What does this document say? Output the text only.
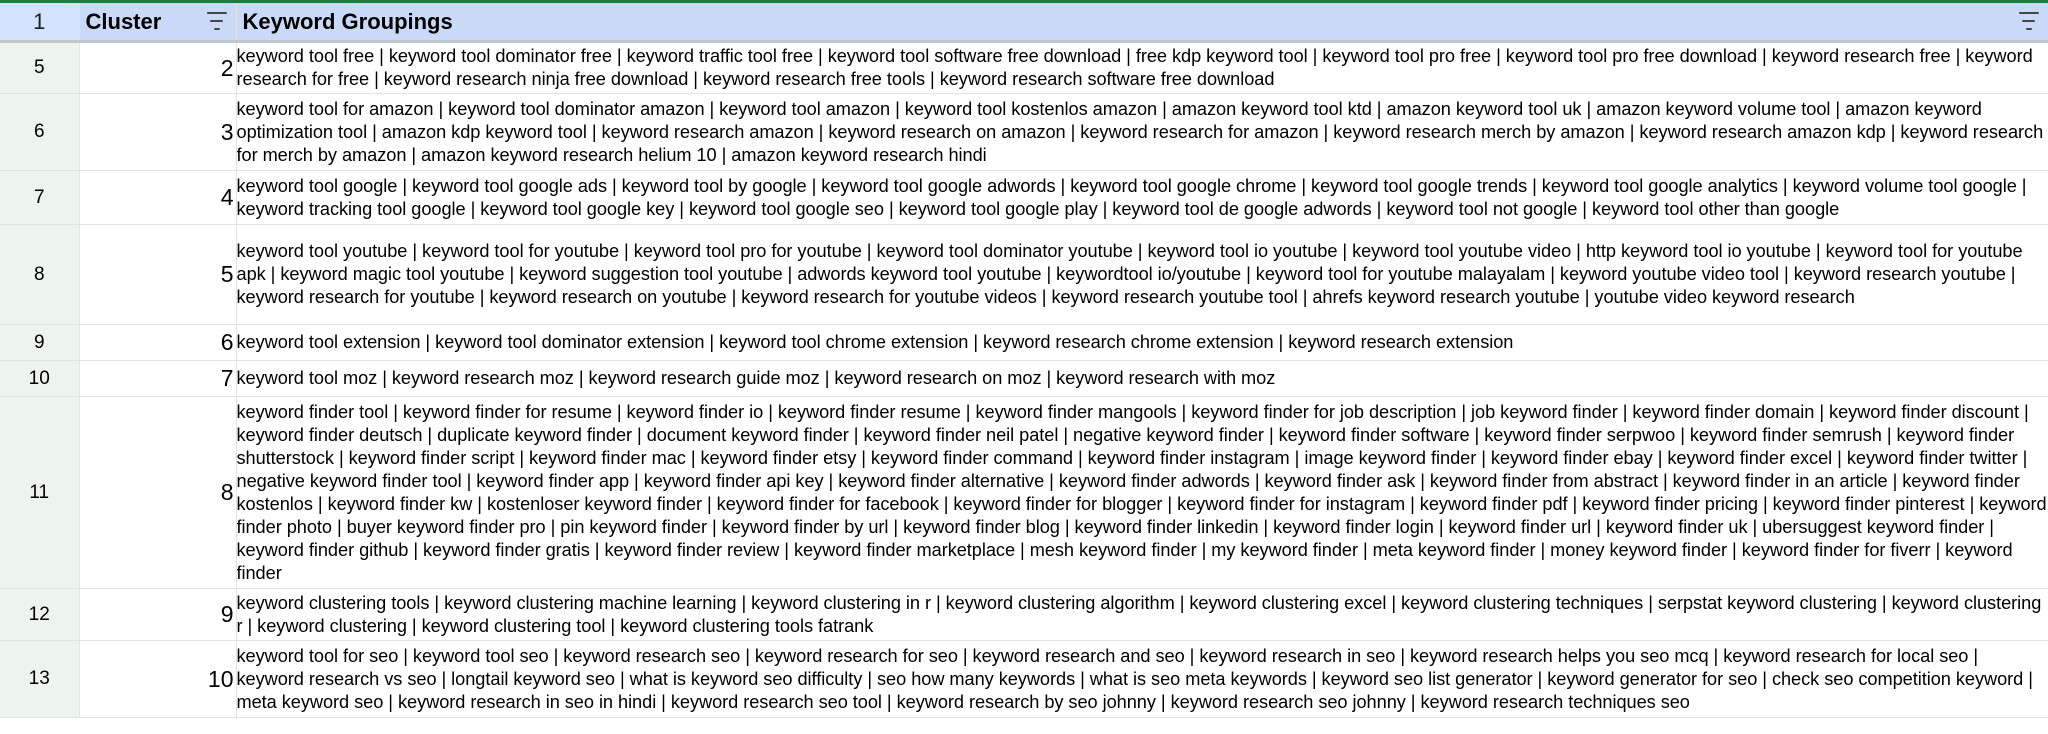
1	Cluster	Keyword Groupings

5	2	keyword tool free | keyword tool dominator free | keyword traffic tool free | keyword tool software free download | free kdp keyword tool | keyword tool pro free | keyword tool pro free download | keyword research free | keyword research for free | keyword research ninja free download | keyword research free tools | keyword research software free download
6	3	keyword tool for amazon | keyword tool dominator amazon | keyword tool amazon | keyword tool kostenlos amazon | amazon keyword tool ktd | amazon keyword tool uk | amazon keyword volume tool | amazon keyword optimization tool | amazon kdp keyword tool | keyword research amazon | keyword research on amazon | keyword research for amazon | keyword research merch by amazon | keyword research amazon kdp | keyword research for merch by amazon | amazon keyword research helium 10 | amazon keyword research hindi
7	4	keyword tool google | keyword tool google ads | keyword tool by google | keyword tool google adwords | keyword tool google chrome | keyword tool google trends | keyword tool google analytics | keyword volume tool google | keyword tracking tool google | keyword tool google key | keyword tool google seo | keyword tool google play | keyword tool de google adwords | keyword tool not google | keyword tool other than google
8	5	keyword tool youtube | keyword tool for youtube | keyword tool pro for youtube | keyword tool dominator youtube | keyword tool io youtube | keyword tool youtube video | http keyword tool io youtube | keyword tool for youtube apk | keyword magic tool youtube | keyword suggestion tool youtube | adwords keyword tool youtube | keywordtool io/youtube | keyword tool for youtube malayalam | keyword youtube video tool | keyword research youtube | keyword research for youtube | keyword research on youtube | keyword research for youtube videos | keyword research youtube tool | ahrefs keyword research youtube | youtube video keyword research
9	6	keyword tool extension | keyword tool dominator extension | keyword tool chrome extension | keyword research chrome extension | keyword research extension
10	7	keyword tool moz | keyword research moz | keyword research guide moz | keyword research on moz | keyword research with moz
11	8	keyword finder tool | keyword finder for resume | keyword finder io | keyword finder resume | keyword finder mangools | keyword finder for job description | job keyword finder | keyword finder domain | keyword finder discount | keyword finder deutsch | duplicate keyword finder | document keyword finder | keyword finder neil patel | negative keyword finder | keyword finder software | keyword finder serpwoo | keyword finder semrush | keyword finder shutterstock | keyword finder script | keyword finder mac | keyword finder etsy | keyword finder command | keyword finder instagram | image keyword finder | keyword finder ebay | keyword finder excel | keyword finder twitter | negative keyword finder tool | keyword finder app | keyword finder api key | keyword finder alternative | keyword finder adwords | keyword finder ask | keyword finder from abstract | keyword finder in an article | keyword finder kostenlos | keyword finder kw | kostenloser keyword finder | keyword finder for facebook | keyword finder for blogger | keyword finder for instagram | keyword finder pdf | keyword finder pricing | keyword finder pinterest | keyword finder photo | buyer keyword finder pro | pin keyword finder | keyword finder by url | keyword finder blog | keyword finder linkedin | keyword finder login | keyword finder url | keyword finder uk | ubersuggest keyword finder | keyword finder github | keyword finder gratis | keyword finder review | keyword finder marketplace | mesh keyword finder | my keyword finder | meta keyword finder | money keyword finder | keyword finder for fiverr | keyword finder
12	9	keyword clustering tools | keyword clustering machine learning | keyword clustering in r | keyword clustering algorithm | keyword clustering excel | keyword clustering techniques | serpstat keyword clustering | keyword clustering r | keyword clustering | keyword clustering tool | keyword clustering tools fatrank
13	10	keyword tool for seo | keyword tool seo | keyword research seo | keyword research for seo | keyword research and seo | keyword research in seo | keyword research helps you seo mcq | keyword research for local seo | keyword research vs seo | longtail keyword seo | what is keyword seo difficulty | seo how many keywords | what is seo meta keywords | keyword seo list generator | keyword generator for seo | check seo competition keyword | meta keyword seo | keyword research in seo in hindi | keyword research seo tool | keyword research by seo johnny | keyword research seo johnny | keyword research techniques seo
